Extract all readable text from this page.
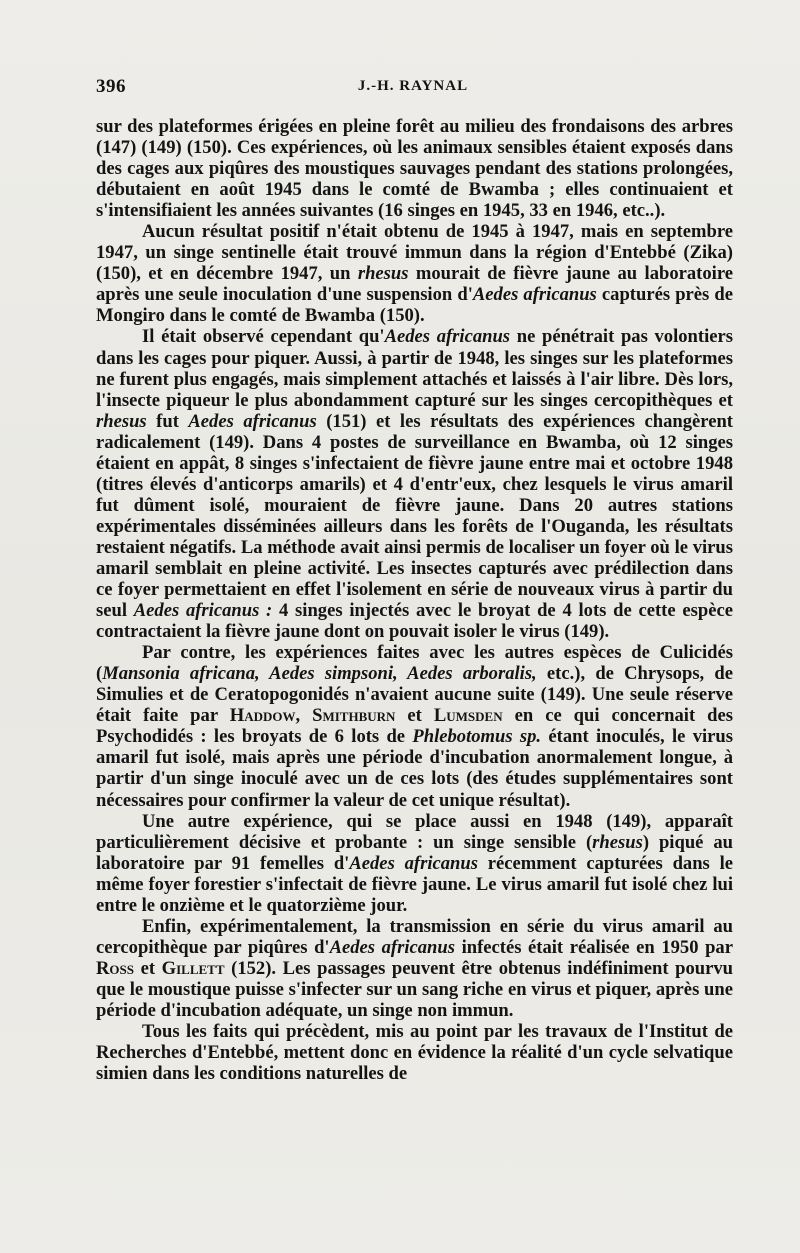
396	J.-H. RAYNAL

sur des plateformes érigées en pleine forêt au milieu des frondaisons des arbres (147) (149) (150). Ces expériences, où les animaux sensibles étaient exposés dans des cages aux piqûres des moustiques sauvages pendant des stations prolongées, débutaient en août 1945 dans le comté de Bwamba ; elles continuaient et s'intensifiaient les années suivantes (16 singes en 1945, 33 en 1946, etc..).

Aucun résultat positif n'était obtenu de 1945 à 1947, mais en septembre 1947, un singe sentinelle était trouvé immun dans la région d'Entebbé (Zika) (150), et en décembre 1947, un rhesus mourait de fièvre jaune au laboratoire après une seule inoculation d'une suspension d'Aedes africanus capturés près de Mongiro dans le comté de Bwamba (150).

Il était observé cependant qu'Aedes africanus ne pénétrait pas volontiers dans les cages pour piquer. Aussi, à partir de 1948, les singes sur les plateformes ne furent plus engagés, mais simplement attachés et laissés à l'air libre. Dès lors, l'insecte piqueur le plus abondamment capturé sur les singes cercopithèques et rhesus fut Aedes africanus (151) et les résultats des expériences changèrent radicalement (149). Dans 4 postes de surveillance en Bwamba, où 12 singes étaient en appât, 8 singes s'infectaient de fièvre jaune entre mai et octobre 1948 (titres élevés d'anticorps amarils) et 4 d'entr'eux, chez lesquels le virus amaril fut dûment isolé, mouraient de fièvre jaune. Dans 20 autres stations expérimentales disséminées ailleurs dans les forêts de l'Ouganda, les résultats restaient négatifs. La méthode avait ainsi permis de localiser un foyer où le virus amaril semblait en pleine activité. Les insectes capturés avec prédilection dans ce foyer permettaient en effet l'isolement en série de nouveaux virus à partir du seul Aedes africanus : 4 singes injectés avec le broyat de 4 lots de cette espèce contractaient la fièvre jaune dont on pouvait isoler le virus (149).

Par contre, les expériences faites avec les autres espèces de Culicidés (Mansonia africana, Aedes simpsoni, Aedes arboralis, etc.), de Chrysops, de Simulies et de Ceratopogonidés n'avaient aucune suite (149). Une seule réserve était faite par Haddow, Smithburn et Lumsden en ce qui concernait des Psychodidés : les broyats de 6 lots de Phlebotomus sp. étant inoculés, le virus amaril fut isolé, mais après une période d'incubation anormalement longue, à partir d'un singe inoculé avec un de ces lots (des études supplémentaires sont nécessaires pour confirmer la valeur de cet unique résultat).

Une autre expérience, qui se place aussi en 1948 (149), apparaît particulièrement décisive et probante : un singe sensible (rhesus) piqué au laboratoire par 91 femelles d'Aedes africanus récemment capturées dans le même foyer forestier s'infectait de fièvre jaune. Le virus amaril fut isolé chez lui entre le onzième et le quatorzième jour.

Enfin, expérimentalement, la transmission en série du virus amaril au cercopithèque par piqûres d'Aedes africanus infectés était réalisée en 1950 par Ross et Gillett (152). Les passages peuvent être obtenus indéfiniment pourvu que le moustique puisse s'infecter sur un sang riche en virus et piquer, après une période d'incubation adéquate, un singe non immun.

Tous les faits qui précèdent, mis au point par les travaux de l'Institut de Recherches d'Entebbé, mettent donc en évidence la réalité d'un cycle selvatique simien dans les conditions naturelles de
